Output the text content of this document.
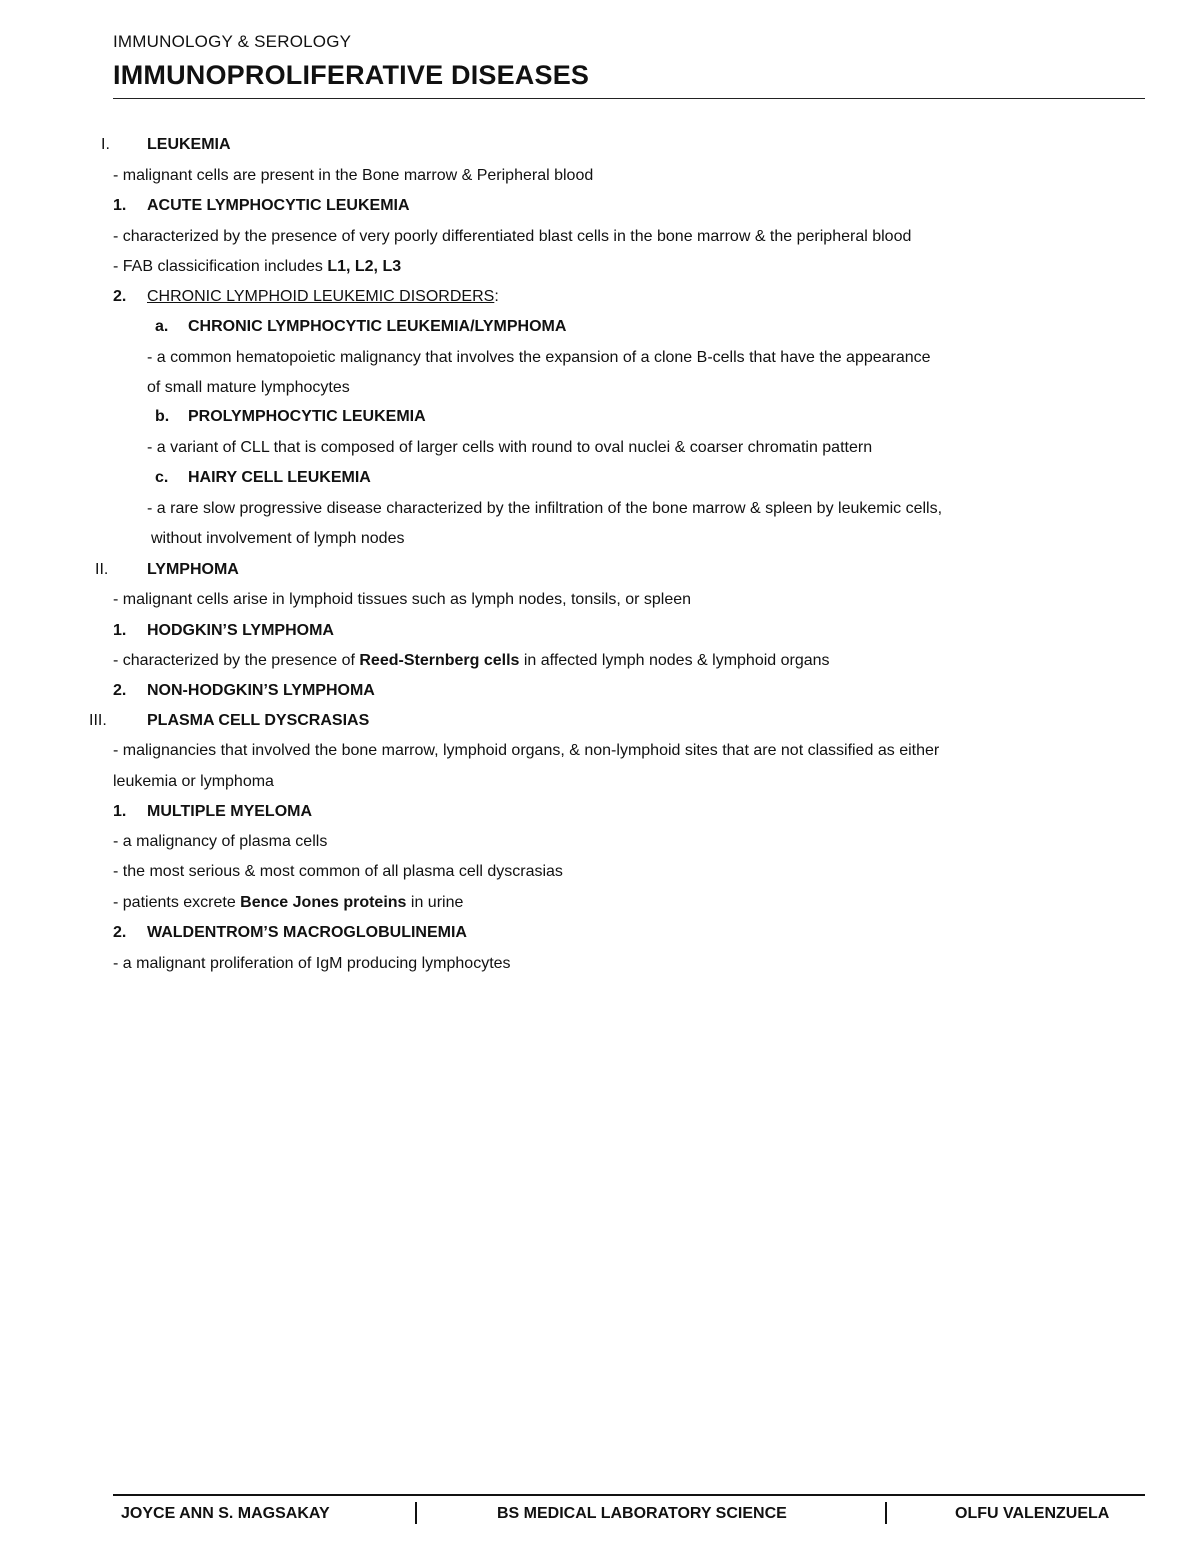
IMMUNOLOGY & SEROLOGY

IMMUNOPROLIFERATIVE DISEASES
I. LEUKEMIA
- malignant cells are present in the Bone marrow & Peripheral blood
1. ACUTE LYMPHOCYTIC LEUKEMIA
- characterized by the presence of very poorly differentiated blast cells in the bone marrow & the peripheral blood
- FAB classicification includes L1, L2, L3
2. CHRONIC LYMPHOID LEUKEMIC DISORDERS:
a. CHRONIC LYMPHOCYTIC LEUKEMIA/LYMPHOMA
- a common hematopoietic malignancy that involves the expansion of a clone B-cells that have the appearance
of small mature lymphocytes
b. PROLYMPHOCYTIC LEUKEMIA
- a variant of CLL that is composed of larger cells with round to oval nuclei & coarser chromatin pattern
c. HAIRY CELL LEUKEMIA
- a rare slow progressive disease characterized by the infiltration of the bone marrow & spleen by leukemic cells,
without involvement of lymph nodes
II. LYMPHOMA
- malignant cells arise in lymphoid tissues such as lymph nodes, tonsils, or spleen
1. HODGKIN’S LYMPHOMA
- characterized by the presence of Reed-Sternberg cells in affected lymph nodes & lymphoid organs
2. NON-HODGKIN’S LYMPHOMA
III.	PLASMA CELL DYSCRASIAS
- malignancies that involved the bone marrow, lymphoid organs, & non-lymphoid sites that are not classified as either
leukemia or lymphoma
1. MULTIPLE MYELOMA
- a malignancy of plasma cells
- the most serious & most common of all plasma cell dyscrasias
- patients excrete Bence Jones proteins in urine
2. WALDENTROM’S MACROGLOBULINEMIA
- a malignant proliferation of IgM producing lymphocytes
JOYCE ANN S. MAGSAKAY	BS MEDICAL LABORATORY SCIENCE	OLFU VALENZUELA
